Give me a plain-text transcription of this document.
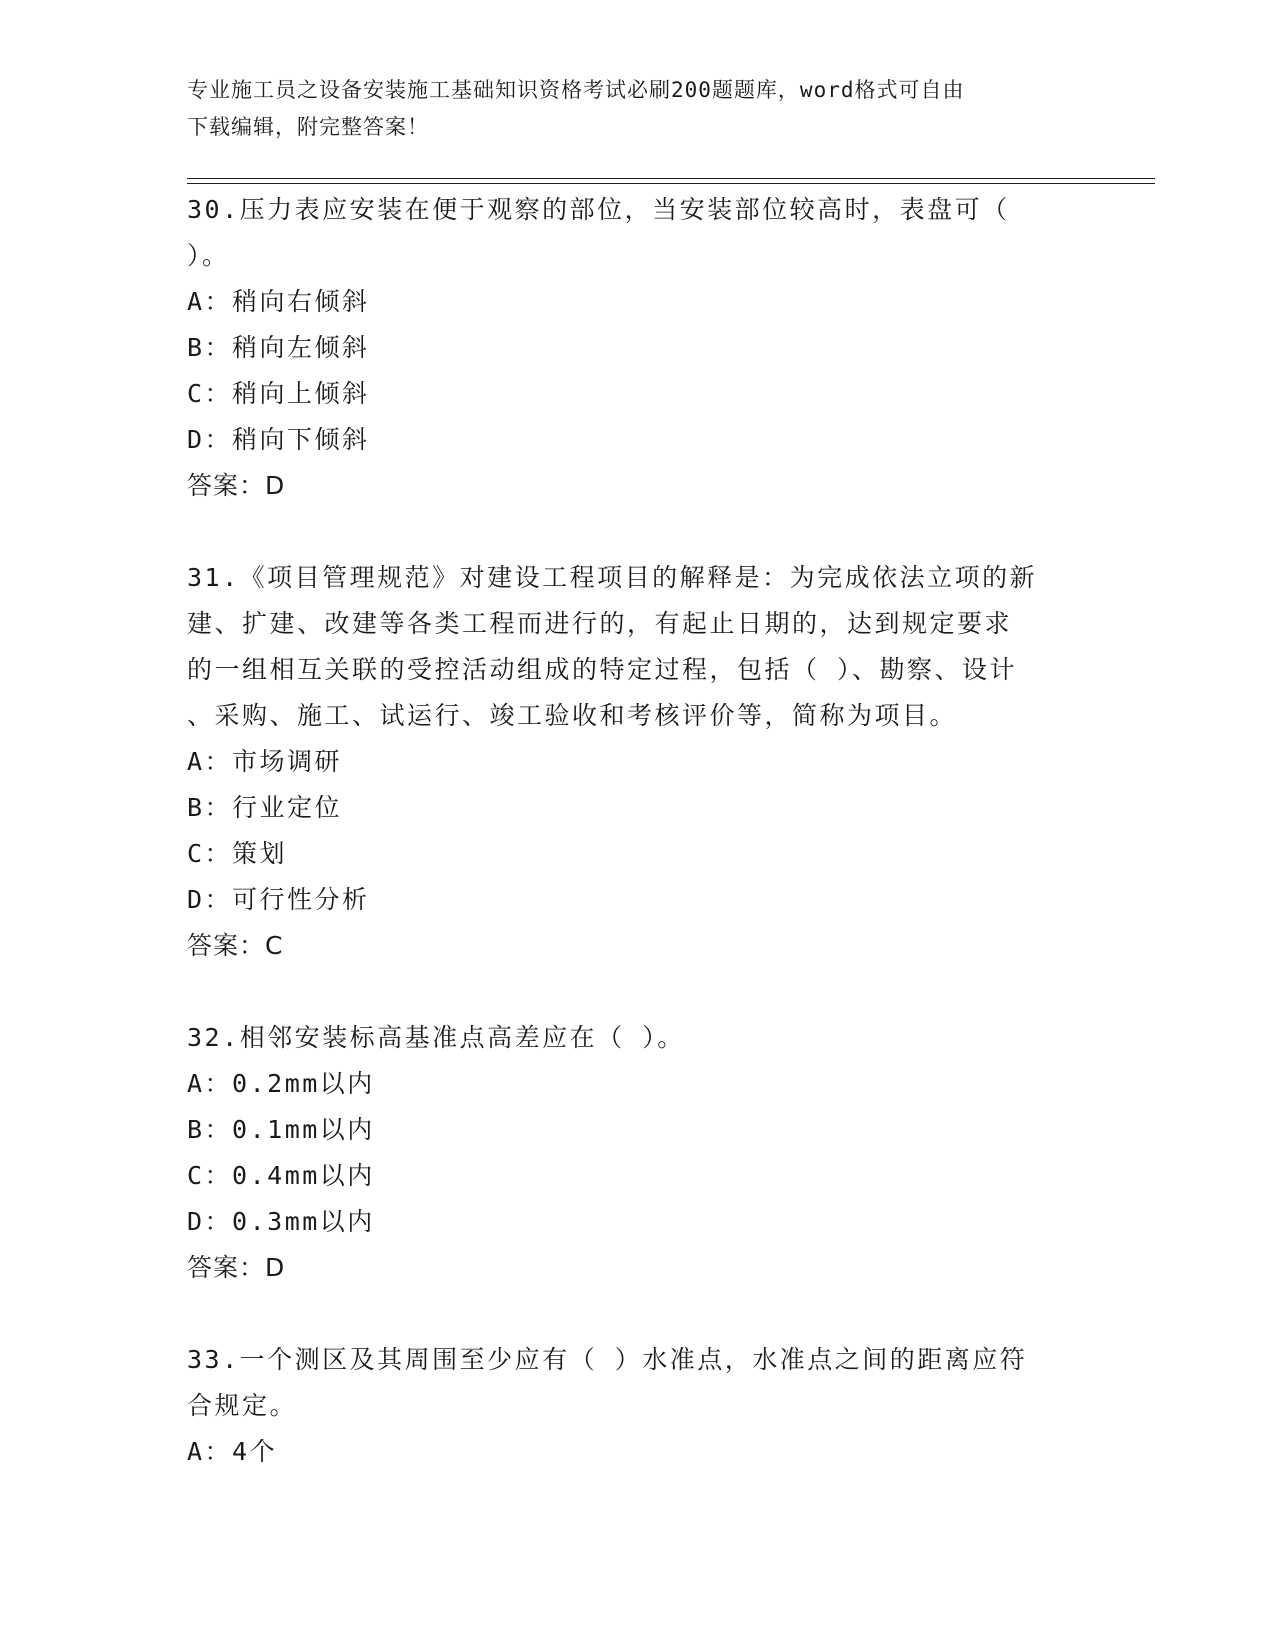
专业施工员之设备安装施工基础知识资格考试必刷200题题库，word格式可自由
下载编辑，附完整答案！

30.压力表应安装在便于观察的部位，当安装部位较高时，表盘可（

）。

A：稍向右倾斜

B：稍向左倾斜

C：稍向上倾斜

D：稍向下倾斜

答案：D

31.《项目管理规范》对建设工程项目的解释是：为完成依法立项的新

建、扩建、改建等各类工程而进行的，有起止日期的，达到规定要求

的一组相互关联的受控活动组成的特定过程，包括（ ）、勘察、设计

、采购、施工、试运行、竣工验收和考核评价等，简称为项目。

A：市场调研

B：行业定位

C：策划

D：可行性分析

答案：C

32.相邻安装标高基准点高差应在（ ）。

A：0.2mm以内

B：0.1mm以内

C：0.4mm以内

D：0.3mm以内

答案：D

33.一个测区及其周围至少应有（ ）水准点，水准点之间的距离应符

合规定。

A：4个
